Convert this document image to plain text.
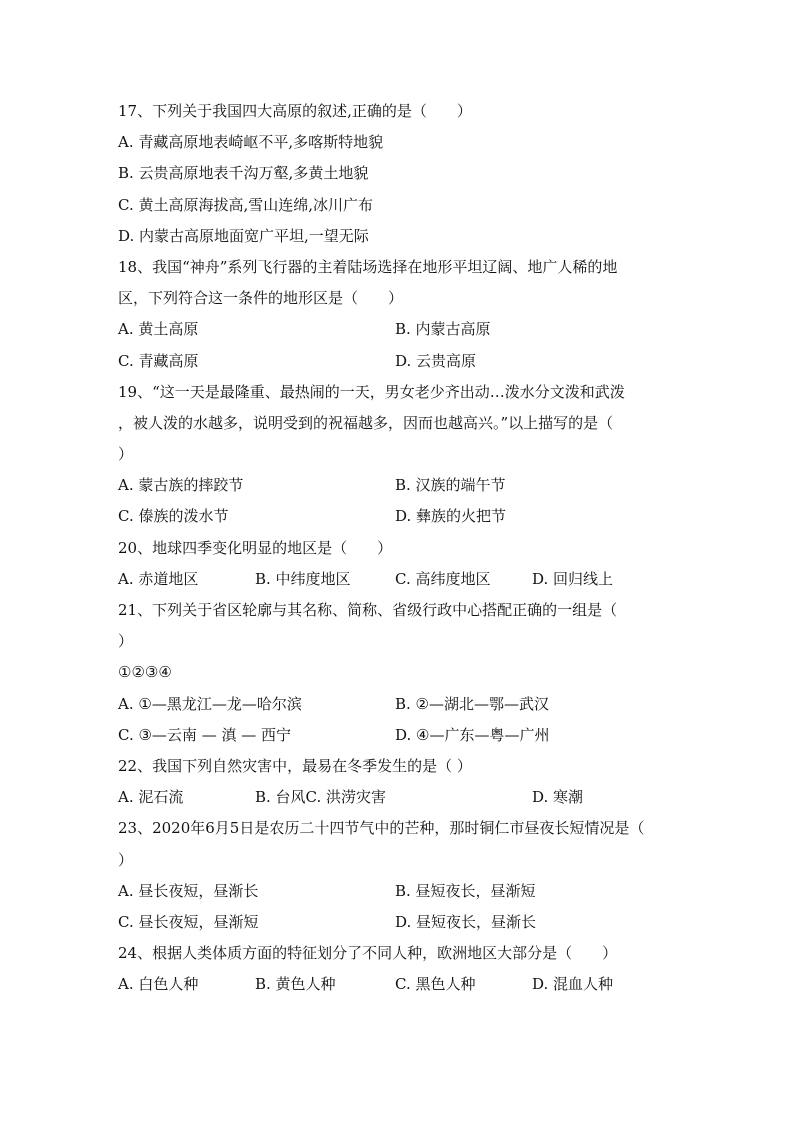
17、下列关于我国四大高原的叙述,正确的是（　　）
A. 青藏高原地表崎岖不平,多喀斯特地貌
B. 云贵高原地表千沟万壑,多黄土地貌
C. 黄土高原海拔高,雪山连绵,冰川广布
D. 内蒙古高原地面宽广平坦,一望无际
18、我国“神舟”系列飞行器的主着陆场选择在地形平坦辽阔、地广人稀的地
区，下列符合这一条件的地形区是（　　）
A. 黄土高原	B. 内蒙古高原
C. 青藏高原	D. 云贵高原
19、“这一天是最隆重、最热闹的一天，男女老少齐出动…泼水分文泼和武泼
，被人泼的水越多，说明受到的祝福越多，因而也越高兴。”以上描写的是（
）
A. 蒙古族的摔跤节	B. 汉族的端午节
C. 傣族的泼水节	D. 彝族的火把节
20、地球四季变化明显的地区是（　　）
A. 赤道地区	B. 中纬度地区	C. 高纬度地区	D. 回归线上
21、下列关于省区轮廓与其名称、简称、省级行政中心搭配正确的一组是（
）
①②③④
A. ①—黑龙江—龙—哈尔滨	B. ②—湖北—鄂—武汉
C. ③—云南 — 滇 — 西宁	D. ④—广东—粤—广州
22、我国下列自然灾害中，最易在冬季发生的是（ ）
A. 泥石流	B. 台风C. 洪涝灾害	D. 寒潮
23、2020年6月5日是农历二十四节气中的芒种，那时铜仁市昼夜长短情况是（
）
A. 昼长夜短，昼渐长	B. 昼短夜长，昼渐短
C. 昼长夜短，昼渐短	D. 昼短夜长，昼渐长
24、根据人类体质方面的特征划分了不同人种，欧洲地区大部分是（　　）
A. 白色人种	B. 黄色人种	C. 黑色人种	D. 混血人种
